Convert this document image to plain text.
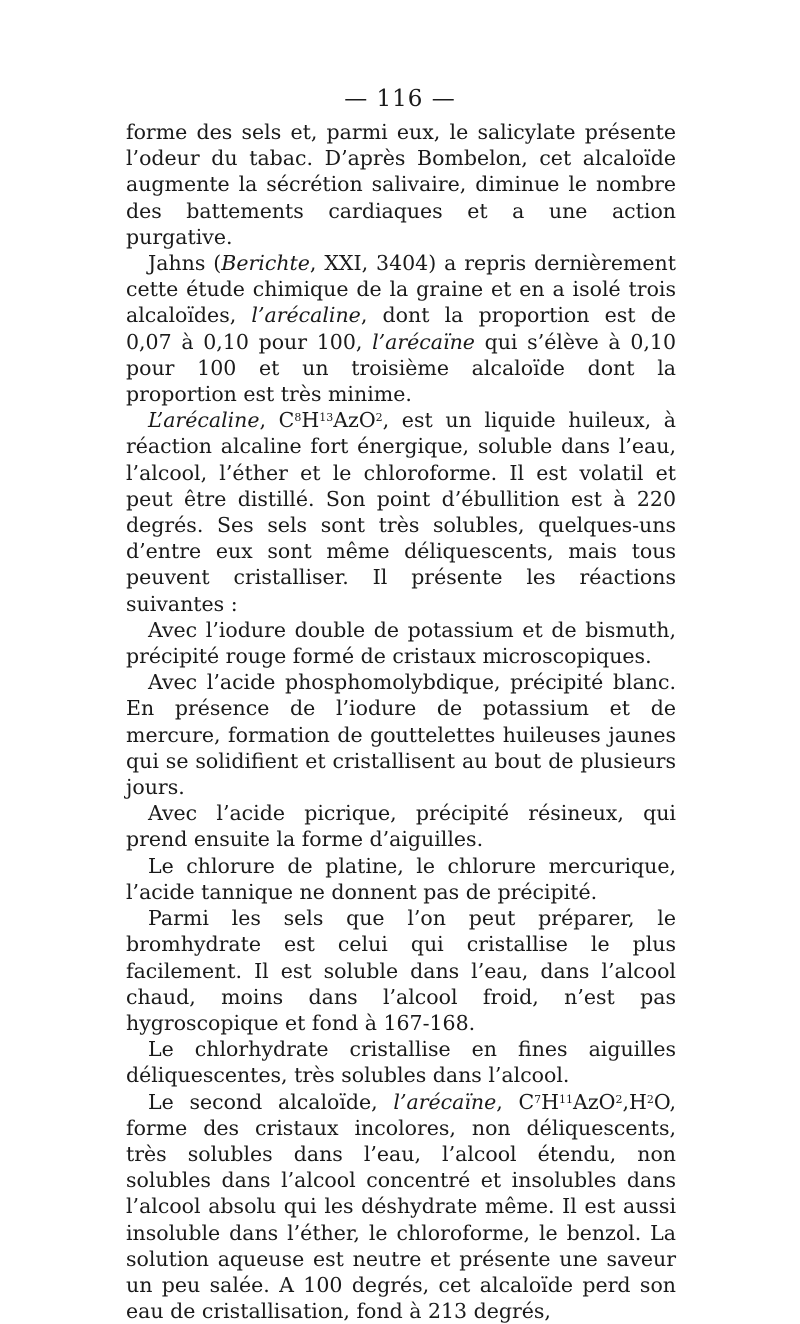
— 116 —

forme des sels et, parmi eux, le salicylate présente l’odeur du tabac. D’après Bombelon, cet alcaloïde augmente la sécrétion salivaire, diminue le nombre des battements cardiaques et a une action purgative.

Jahns (Berichte, XXI, 3404) a repris dernièrement cette étude chimique de la graine et en a isolé trois alcaloïdes, l’arécaline, dont la proportion est de 0,07 à 0,10 pour 100, l’arécaïne qui s’élève à 0,10 pour 100 et un troisième alcaloïde dont la proportion est très minime.

L’arécaline, $C^8H^{13}AzO^2$, est un liquide huileux, à réaction alcaline fort énergique, soluble dans l’eau, l’alcool, l’éther et le chloroforme. Il est volatil et peut être distillé. Son point d’ébullition est à 220 degrés. Ses sels sont très solubles, quelques-uns d’entre eux sont même déliquescents, mais tous peuvent cristalliser. Il présente les réactions suivantes :

Avec l’iodure double de potassium et de bismuth, précipité rouge formé de cristaux microscopiques.

Avec l’acide phosphomolybdique, précipité blanc. En présence de l’iodure de potassium et de mercure, formation de gouttelettes huileuses jaunes qui se solidifient et cristallisent au bout de plusieurs jours.

Avec l’acide picrique, précipité résineux, qui prend ensuite la forme d’aiguilles.

Le chlorure de platine, le chlorure mercurique, l’acide tannique ne donnent pas de précipité.

Parmi les sels que l’on peut préparer, le bromhydrate est celui qui cristallise le plus facilement. Il est soluble dans l’eau, dans l’alcool chaud, moins dans l’alcool froid, n’est pas hygroscopique et fond à 167-168.

Le chlorhydrate cristallise en fines aiguilles déliquescentes, très solubles dans l’alcool.

Le second alcaloïde, l’arécaïne, $C^7H^{11}AzO^2,H^2O$, forme des cristaux incolores, non déliquescents, très solubles dans l’eau, l’alcool étendu, non solubles dans l’alcool concentré et insolubles dans l’alcool absolu qui les déshydrate même. Il est aussi insoluble dans l’éther, le chloroforme, le benzol. La solution aqueuse est neutre et présente une saveur un peu salée. A 100 degrés, cet alcaloïde perd son eau de cristallisation, fond à 213 degrés,
